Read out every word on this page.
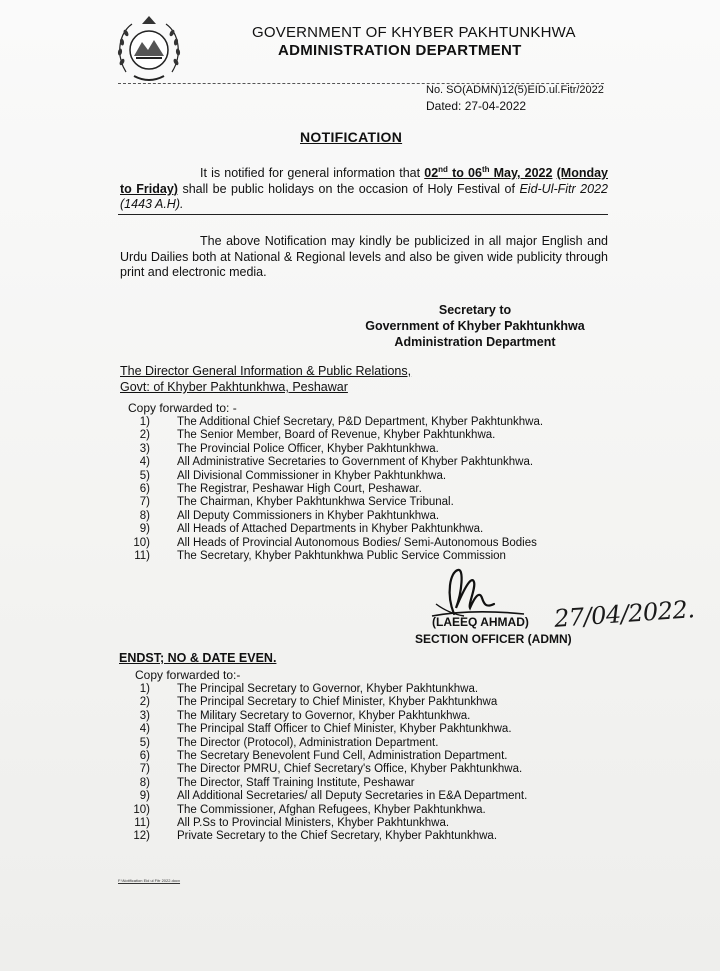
GOVERNMENT OF KHYBER PAKHTUNKHWA
ADMINISTRATION DEPARTMENT
No. SO(ADMN)12(5)EID.ul.Fitr/2022
Dated: 27-04-2022
NOTIFICATION
It is notified for general information that 02nd to 06th May, 2022 (Monday to Friday) shall be public holidays on the occasion of Holy Festival of Eid-Ul-Fitr 2022 (1443 A.H).
The above Notification may kindly be publicized in all major English and Urdu Dailies both at National & Regional levels and also be given wide publicity through print and electronic media.
Secretary to
Government of Khyber Pakhtunkhwa
Administration Department
The Director General Information & Public Relations,
Govt: of Khyber Pakhtunkhwa, Peshawar
Copy forwarded to: -
1)	The Additional Chief Secretary, P&D Department, Khyber Pakhtunkhwa.
2)	The Senior Member, Board of Revenue, Khyber Pakhtunkhwa.
3)	The Provincial Police Officer, Khyber Pakhtunkhwa.
4)	All Administrative Secretaries to Government of Khyber Pakhtunkhwa.
5)	All Divisional Commissioner in Khyber Pakhtunkhwa.
6)	The Registrar, Peshawar High Court, Peshawar.
7)	The Chairman, Khyber Pakhtunkhwa Service Tribunal.
8)	All Deputy Commissioners in Khyber Pakhtunkhwa.
9)	All Heads of Attached Departments in Khyber Pakhtunkhwa.
10)	All Heads of Provincial Autonomous Bodies/ Semi-Autonomous Bodies
11)	The Secretary, Khyber Pakhtunkhwa Public Service Commission
(LAEEQ AHMAD)
SECTION OFFICER (ADMN)
27/04/2022.
ENDST; NO & DATE EVEN.
Copy forwarded to:-
1)	The Principal Secretary to Governor, Khyber Pakhtunkhwa.
2)	The Principal Secretary to Chief Minister, Khyber Pakhtunkhwa
3)	The Military Secretary to Governor, Khyber Pakhtunkhwa.
4)	The Principal Staff Officer to Chief Minister, Khyber Pakhtunkhwa.
5)	The Director (Protocol), Administration Department.
6)	The Secretary Benevolent Fund Cell, Administration Department.
7)	The Director PMRU, Chief Secretary's Office, Khyber Pakhtunkhwa.
8)	The Director, Staff Training Institute, Peshawar
9)	All Additional Secretaries/ all Deputy Secretaries in E&A Department.
10)	The Commissioner, Afghan Refugees, Khyber Pakhtunkhwa.
11)	All P.Ss to Provincial Ministers, Khyber Pakhtunkhwa.
12)	Private Secretary to the Chief Secretary, Khyber Pakhtunkhwa.
F:\Notification Eid ul Fitr 2022.docx
